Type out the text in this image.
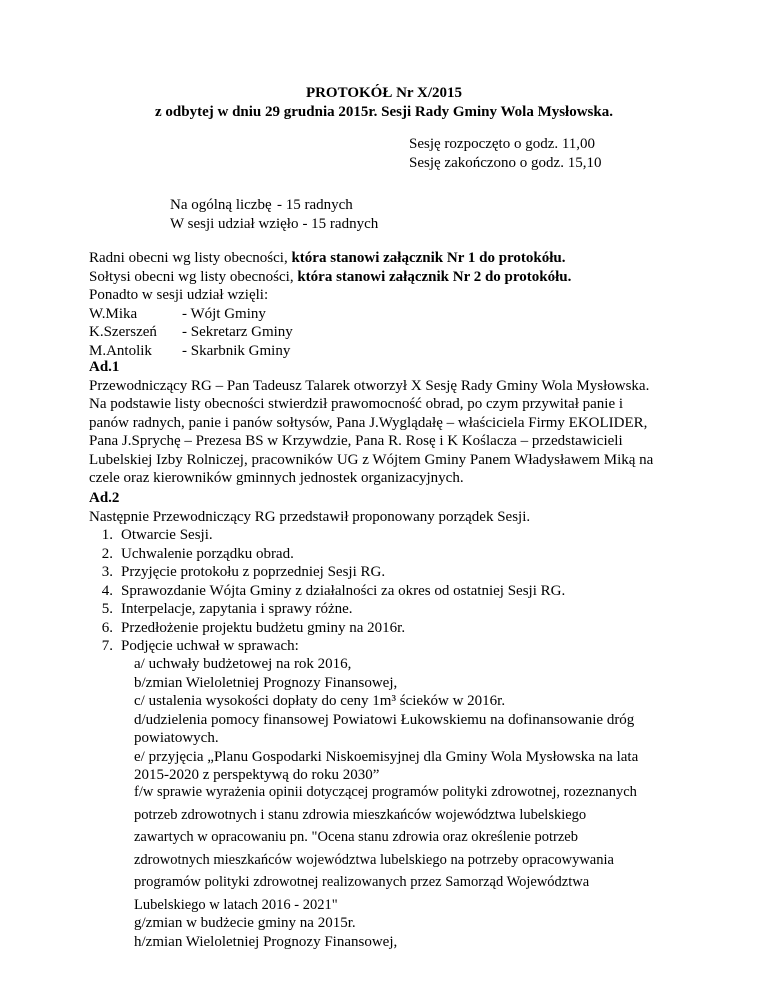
PROTOKÓŁ Nr X/2015
z odbytej w dniu 29 grudnia 2015r. Sesji Rady Gminy Wola Mysłowska.
Sesję rozpoczęto o godz. 11,00
Sesję zakończono o godz. 15,10
Na ogólną liczbę - 15 radnych
W sesji udział wzięło - 15 radnych
Radni obecni wg listy obecności, która stanowi załącznik Nr 1 do protokółu.
Sołtysi obecni wg listy obecności, która stanowi załącznik Nr 2 do protokółu.
Ponadto w sesji udział wzięli:
W.Mika	- Wójt Gminy
K.Szerszeń	- Sekretarz Gminy
M.Antolik	- Skarbnik Gminy
Ad.1
Przewodniczący RG – Pan Tadeusz Talarek otworzył X Sesję Rady Gminy Wola Mysłowska.
Na podstawie listy obecności stwierdził prawomocność obrad, po czym przywitał panie i
panów radnych, panie i panów sołtysów, Pana J.Wyglądałę – właściciela Firmy EKOLIDER,
Pana J.Sprychę – Prezesa BS w Krzywdzie, Pana R. Rosę i K Koślacza – przedstawicieli
Lubelskiej Izby Rolniczej, pracowników UG z Wójtem Gminy Panem Władysławem Miką na
czele oraz kierowników gminnych jednostek organizacyjnych.
Ad.2
Następnie Przewodniczący RG przedstawił proponowany porządek Sesji.
1. Otwarcie Sesji.
2. Uchwalenie porządku obrad.
3. Przyjęcie protokołu z poprzedniej Sesji RG.
4. Sprawozdanie Wójta Gminy z działalności za okres od ostatniej Sesji RG.
5. Interpelacje, zapytania i sprawy różne.
6. Przedłożenie projektu budżetu gminy na 2016r.
7. Podjęcie uchwał w sprawach:
a/ uchwały budżetowej na rok 2016,
b/zmian Wieloletniej Prognozy Finansowej,
c/ ustalenia wysokości dopłaty do ceny 1m³ ścieków w 2016r.
d/udzielenia pomocy finansowej Powiatowi Łukowskiemu na dofinansowanie dróg
powiatowych.
e/ przyjęcia „Planu Gospodarki Niskoemisyjnej dla Gminy Wola Mysłowska na lata
2015-2020 z perspektywą do roku 2030”
f/w sprawie wyrażenia opinii dotyczącej programów polityki zdrowotnej, rozeznanych
potrzeb zdrowotnych i stanu zdrowia mieszkańców województwa lubelskiego
zawartych w opracowaniu pn. "Ocena stanu zdrowia oraz określenie potrzeb
zdrowotnych mieszkańców województwa lubelskiego na potrzeby opracowywania
programów polityki zdrowotnej realizowanych przez Samorząd Województwa
Lubelskiego w latach 2016 - 2021"
g/zmian w budżecie gminy na 2015r.
h/zmian Wieloletniej Prognozy Finansowej,
